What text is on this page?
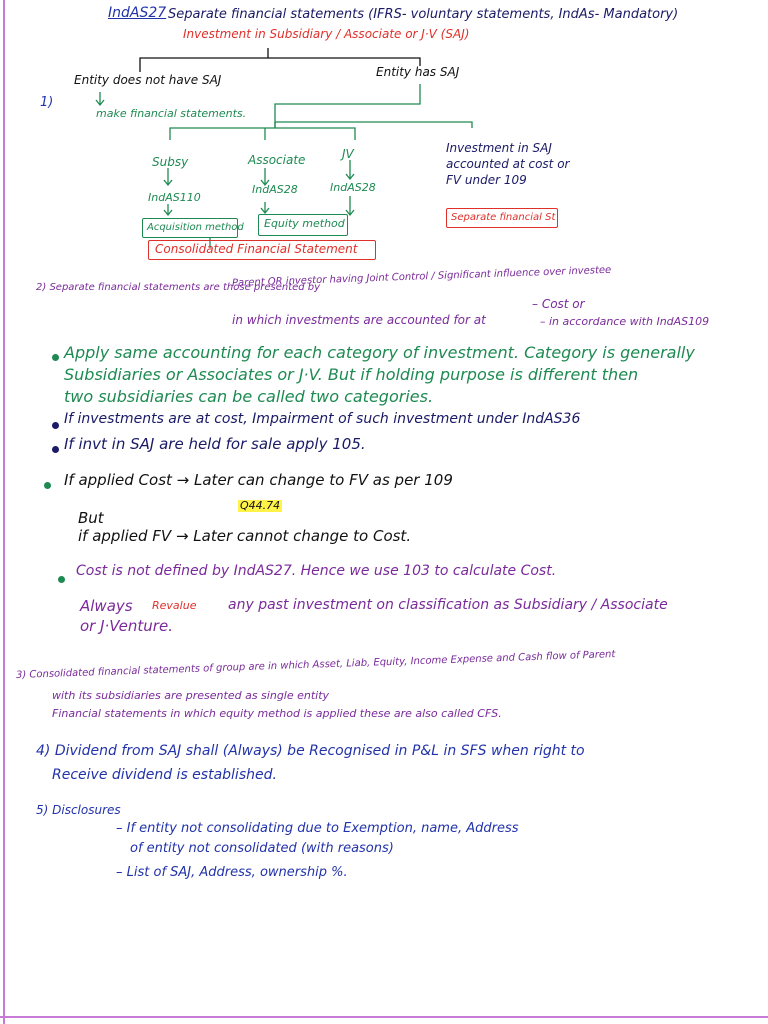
IndAS27 Separate financial statements (IFRS- voluntary statements, IndAs- Mandatory)
Investment in Subsidiary / Associate or J·V (SAJ)
Entity does not have SAJ
Entity has SAJ
1)
make financial statements.
Subsy	Associate	JV
IndAS110
IndAS28	IndAS28
Acquisition method Equity method
Consolidated Financial Statement
Investment in SAJ accounted at cost or FV under 109
Separate financial St
2) Separate financial statements are those presented by
Parent OR investor having Joint Control / Significant influence over investee
in which investments are accounted for at
– Cost or
– in accordance with IndAS109
Apply same accounting for each category of investment. Category is generally
Subsidiaries or Associates or J·V. But if holding purpose is different then
two subsidiaries can be called two categories.
If investments are at cost, Impairment of such investment under IndAS36
If invt in SAJ are held for sale apply 105.
If applied Cost → Later can change to FV as per 109
Q44.74
But
if applied FV → Later cannot change to Cost.
Cost is not defined by IndAS27. Hence we use 103 to calculate Cost.
Always Revalue any past investment on classification as Subsidiary / Associate
or J·Venture.
3) Consolidated financial statements of group are in which Asset, Liab, Equity, Income Expense and Cash flow of Parent
with its subsidiaries are presented as single entity
Financial statements in which equity method is applied these are also called CFS.
4) Dividend from SAJ shall (Always) be Recognised in P&L in SFS when right to
Receive dividend is established.
5) Disclosures
– If entity not consolidating due to Exemption, name, Address
of entity not consolidated (with reasons)
– List of SAJ, Address, ownership %.
